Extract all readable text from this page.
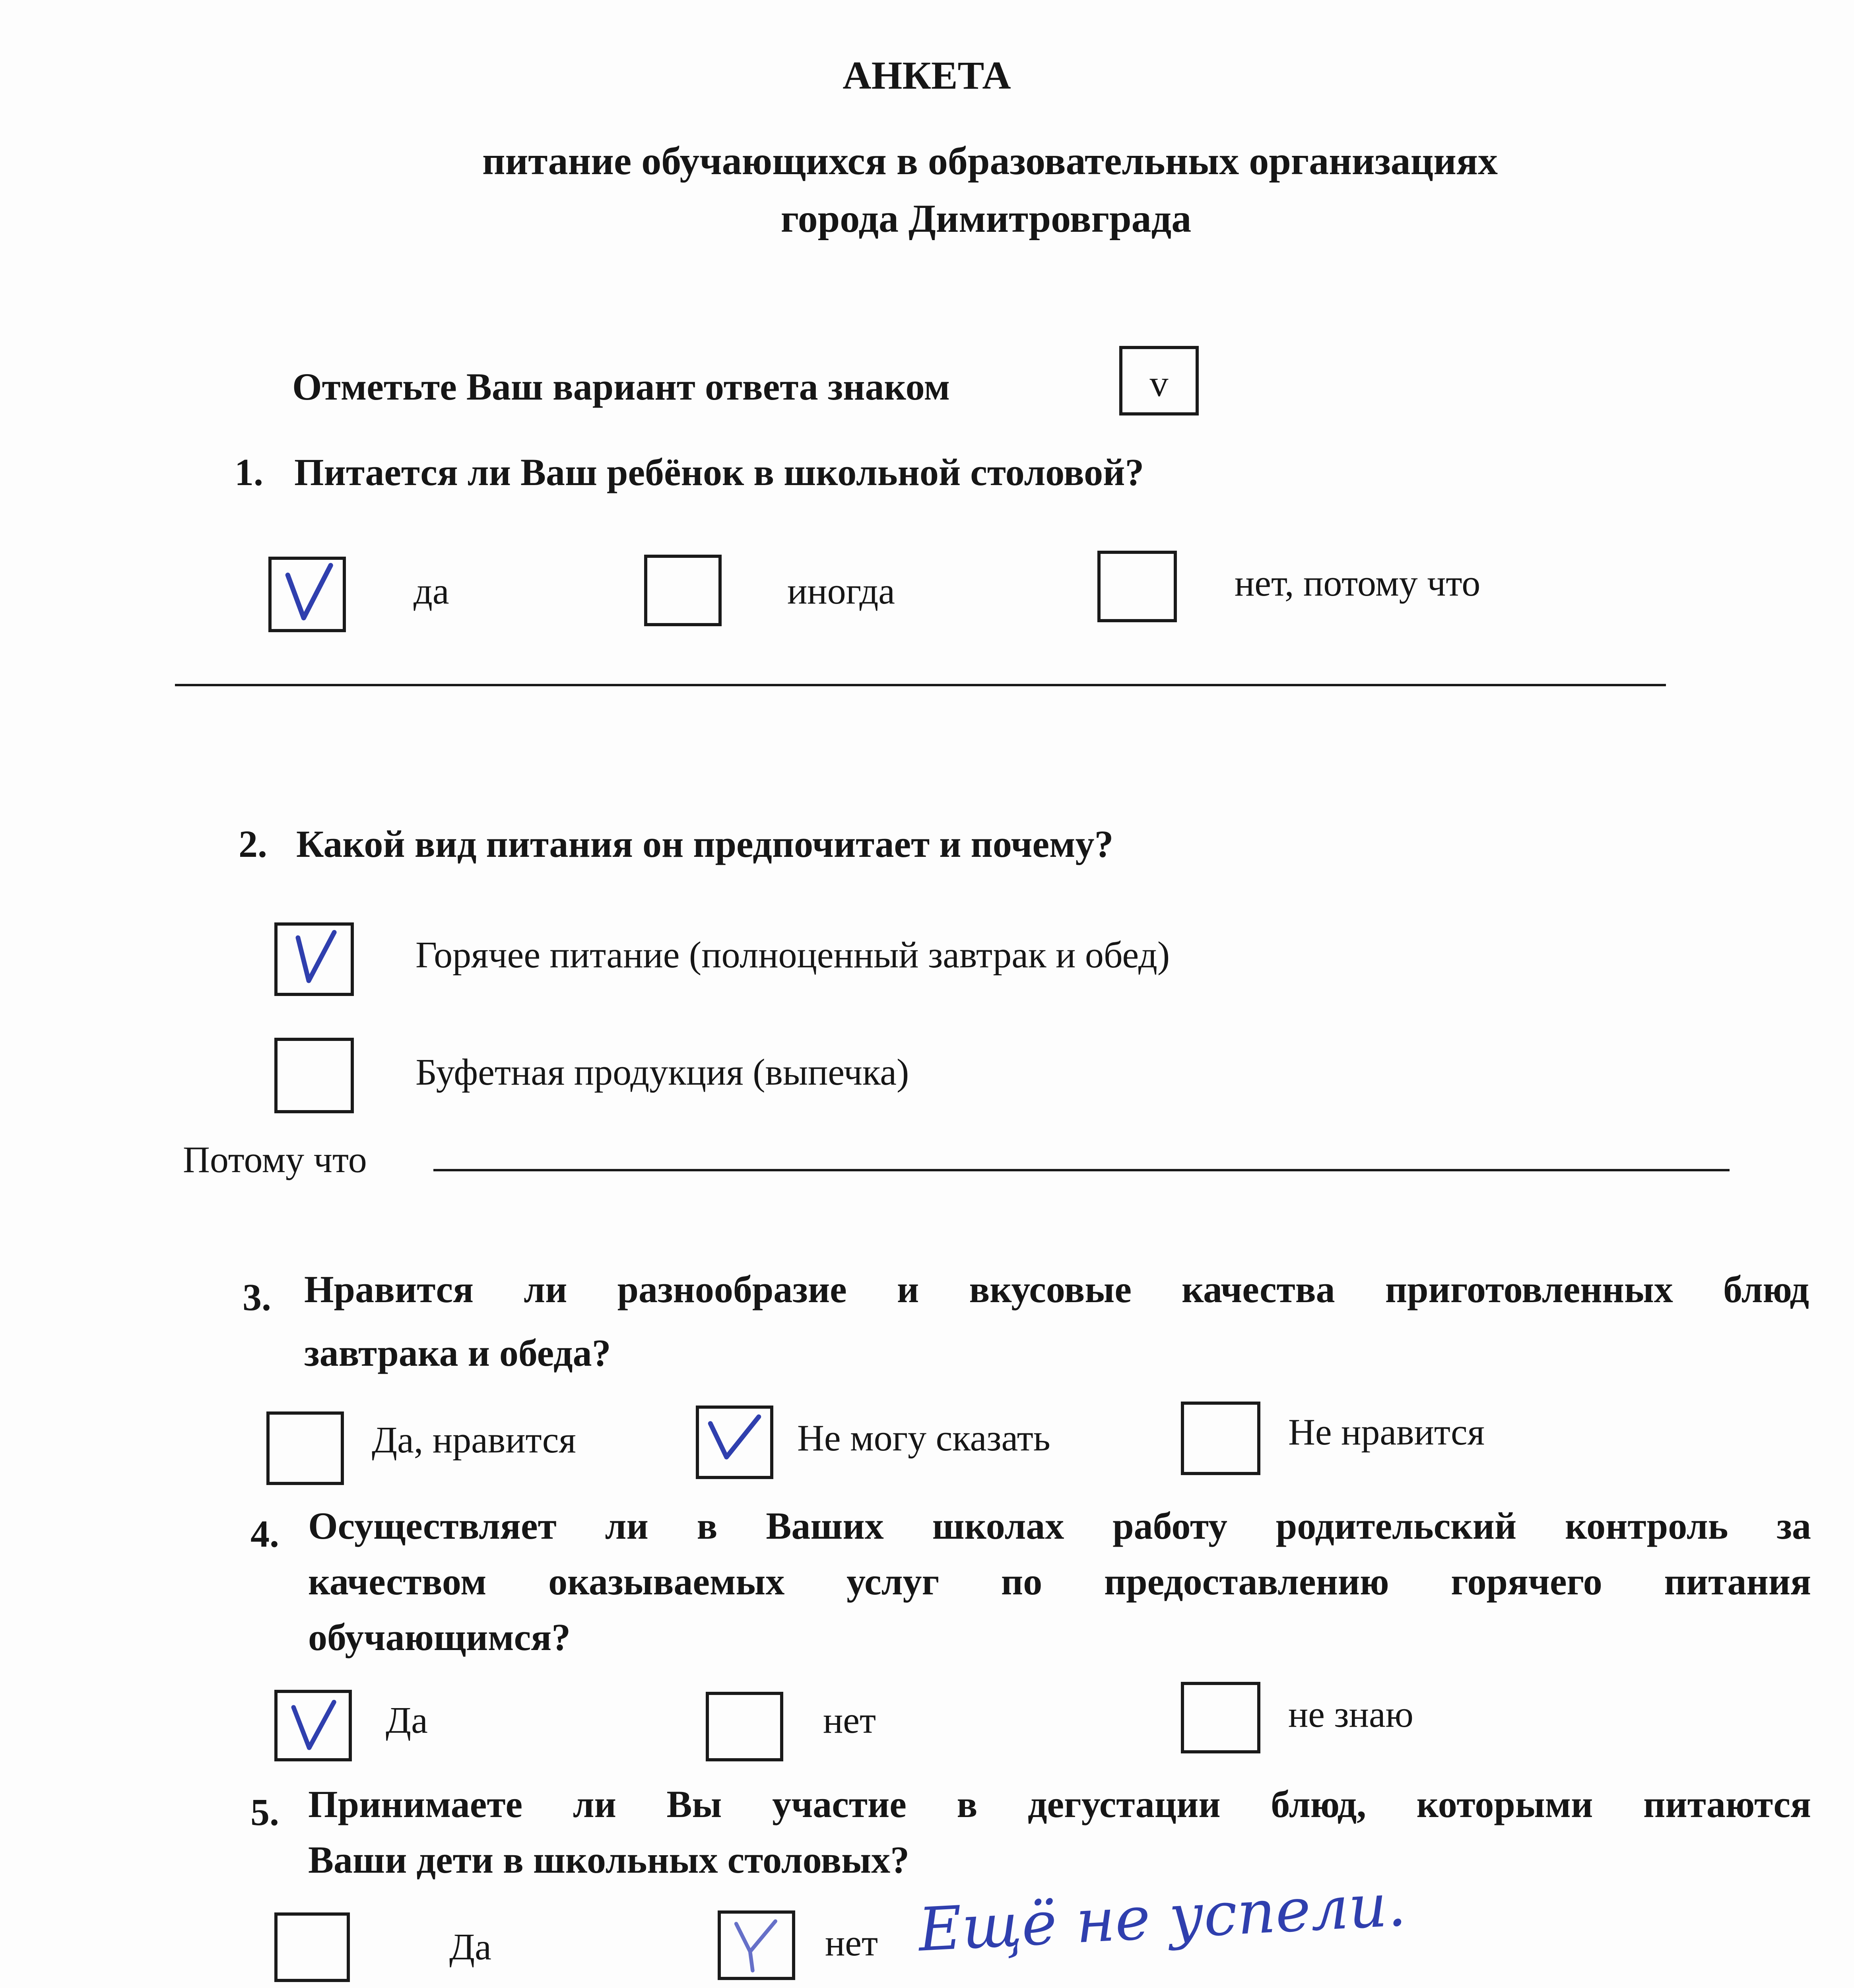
АНКЕТА
питание обучающихся в образовательных организациях
города Димитровграда
Отметьте Ваш вариант ответа знаком	v
1. Питается ли Ваш ребёнок в школьной столовой?
да	иногда	нет, потому что
2. Какой вид питания он предпочитает и почему?
Горячее питание (полноценный завтрак и обед)
Буфетная продукция (выпечка)
Потому что
3. Нравится ли разнообразие и вкусовые качества приготовленных блюд
завтрака и обеда?
Да, нравится	Не могу сказать	Не нравится
4. Осуществляет ли в Ваших школах работу родительский контроль за
качеством оказываемых услуг по предоставлению горячего питания
обучающимся?
Да	нет	не знаю
5. Принимаете ли Вы участие в дегустации блюд, которыми питаются
Ваши дети в школьных столовых?
Да	нет Ещё не успели.
